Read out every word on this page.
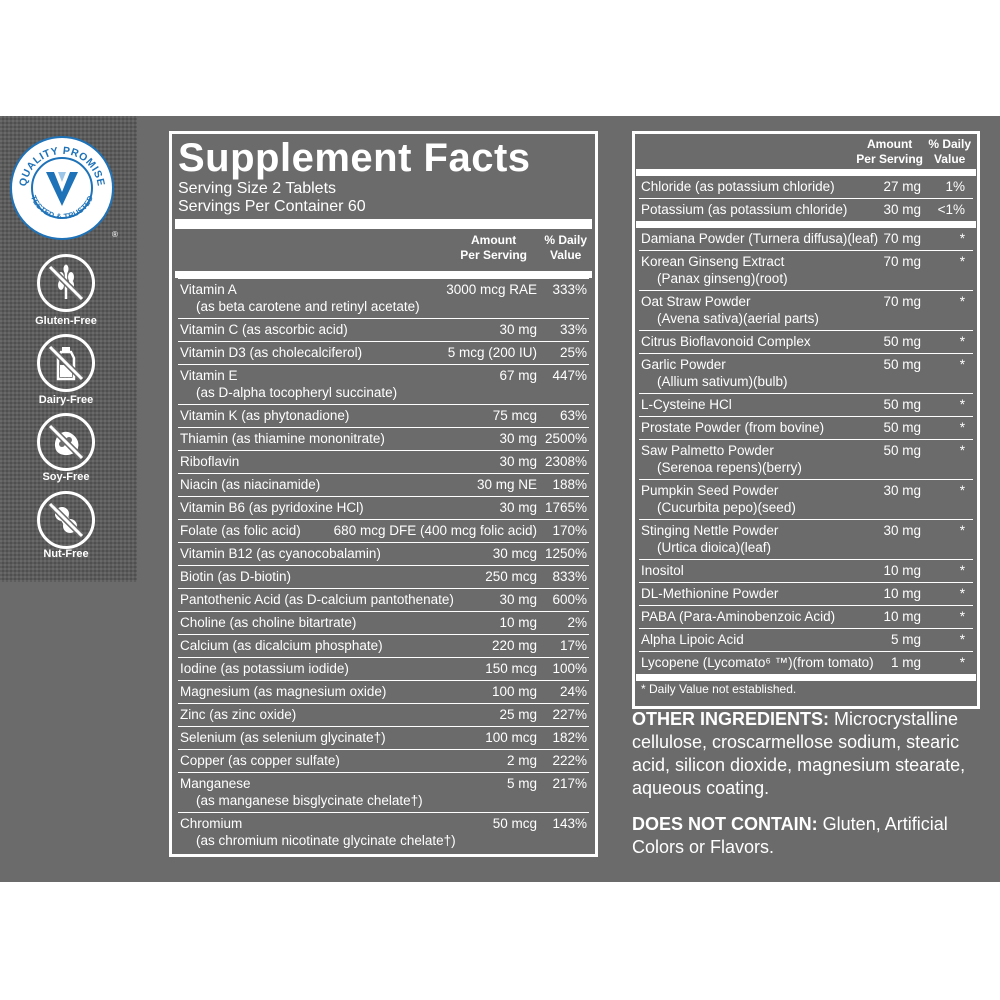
QUALITY PROMISE
TESTED & TRUSTED
®
Gluten-Free
Dairy-Free
Soy-Free
Nut-Free
Supplement Facts
Serving Size 2 Tablets
Servings Per Container 60
Amount
Per Serving
% Daily
Value
Vitamin A
(as beta carotene and retinyl acetate)
3000 mcg RAE 333%
Vitamin C (as ascorbic acid)	30 mg 33%
Vitamin D3 (as cholecalciferol)	5 mcg (200 IU) 25%
Vitamin E
(as D-alpha tocopheryl succinate)
67 mg 447%
Vitamin K (as phytonadione)	75 mcg 63%
Thiamin (as thiamine mononitrate)	30 mg 2500%
Riboflavin	30 mg 2308%
Niacin (as niacinamide)	30 mg NE 188%
Vitamin B6 (as pyridoxine HCl)	30 mg 1765%
Folate (as folic acid)	680 mcg DFE (400 mcg folic acid) 170%
Vitamin B12 (as cyanocobalamin)	30 mcg 1250%
Biotin (as D-biotin)	250 mcg 833%
Pantothenic Acid (as D-calcium pantothenate)	30 mg 600%
Choline (as choline bitartrate)	10 mg 2%
Calcium (as dicalcium phosphate)	220 mg 17%
Iodine (as potassium iodide)	150 mcg 100%
Magnesium (as magnesium oxide)	100 mg 24%
Zinc (as zinc oxide)	25 mg 227%
Selenium (as selenium glycinate†)	100 mcg 182%
Copper (as copper sulfate)	2 mg 222%
Manganese
(as manganese bisglycinate chelate†)
5 mg 217%
Chromium
(as chromium nicotinate glycinate chelate†)
50 mcg 143%
Amount
Per Serving
% Daily
Value
Chloride (as potassium chloride)	27 mg 1%
Potassium (as potassium chloride)	30 mg <1%
Damiana Powder (Turnera diffusa)(leaf) 70 mg	*
Korean Ginseng Extract
(Panax ginseng)(root)
70 mg	*
Oat Straw Powder
(Avena sativa)(aerial parts)
70 mg	*
Citrus Bioflavonoid Complex	50 mg	*
Garlic Powder
(Allium sativum)(bulb)
50 mg	*
L-Cysteine HCl	50 mg	*
Prostate Powder (from bovine)	50 mg	*
Saw Palmetto Powder
(Serenoa repens)(berry)
50 mg	*
Pumpkin Seed Powder
(Cucurbita pepo)(seed)
30 mg	*
Stinging Nettle Powder
(Urtica dioica)(leaf)
30 mg	*
Inositol	10 mg	*
DL-Methionine Powder	10 mg	*
PABA (Para-Aminobenzoic Acid)	10 mg	*
Alpha Lipoic Acid	5 mg	*
Lycopene (Lycomato⁶ ™)(from tomato)	1 mg	*
* Daily Value not established.

OTHER INGREDIENTS: Microcrystalline cellulose, croscarmellose sodium, stearic acid, silicon dioxide, magnesium stearate, aqueous coating.

DOES NOT CONTAIN: Gluten, Artificial Colors or Flavors.
